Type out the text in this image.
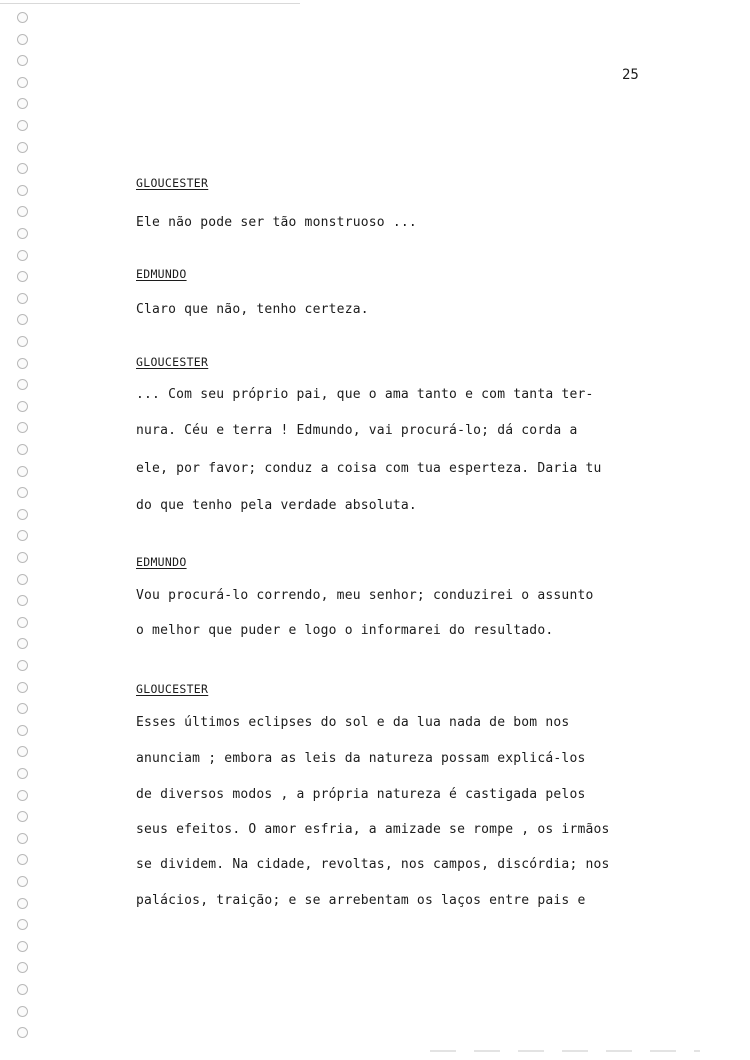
25
GLOUCESTER
Ele não pode ser tão monstruoso ...
EDMUNDO
Claro que não, tenho certeza.
GLOUCESTER
... Com seu próprio pai, que o ama tanto e com tanta ter-
nura. Céu e terra ! Edmundo, vai procurá-lo; dá corda a
ele, por favor; conduz a coisa com tua esperteza. Daria tu
do que tenho pela verdade absoluta.
EDMUNDO
Vou procurá-lo correndo, meu senhor; conduzirei o assunto
o melhor que puder e logo o informarei do resultado.
GLOUCESTER
Esses últimos eclipses do sol e da lua nada de bom nos
anunciam ; embora as leis da natureza possam explicá-los
de diversos modos , a própria natureza é castigada pelos
seus efeitos. O amor esfria, a amizade se rompe , os irmãos
se dividem. Na cidade, revoltas, nos campos, discórdia; nos
palácios, traição; e se arrebentam os laços entre pais e
